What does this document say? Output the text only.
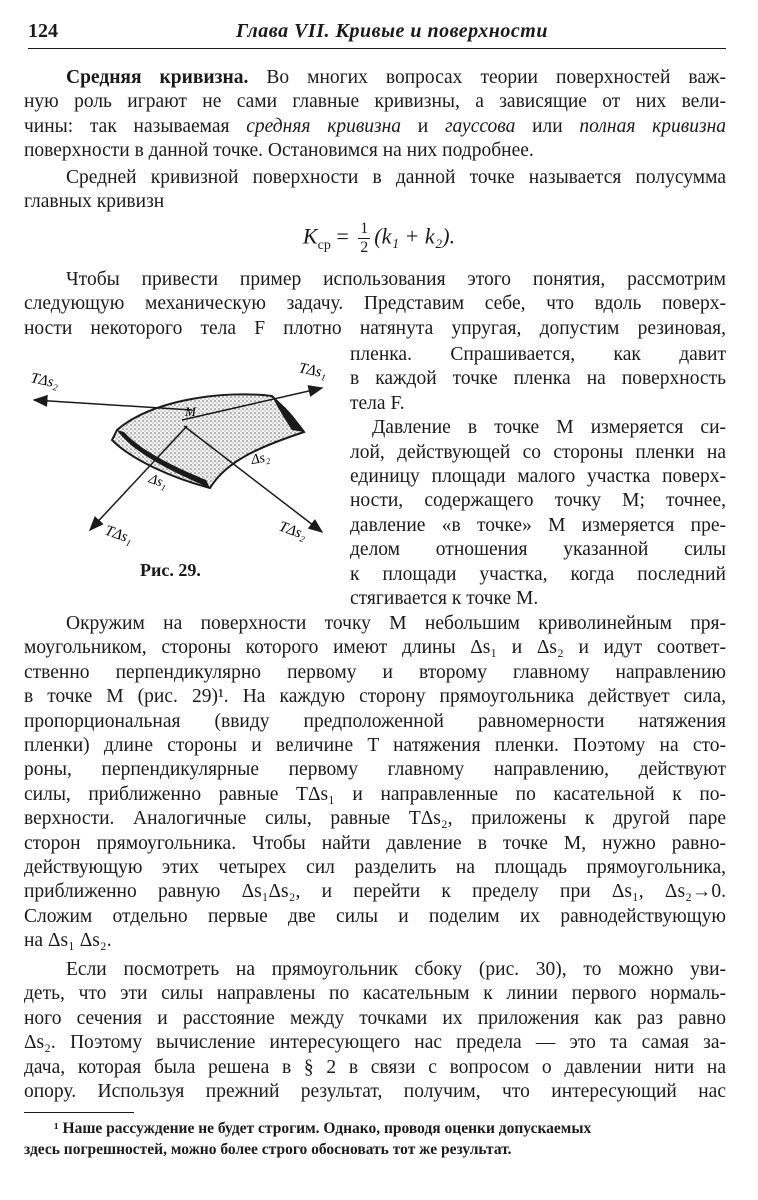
124	Глава VII. Кривые и поверхности
Средняя кривизна. Во многих вопросах теории поверхностей важ-
ную роль играют не сами главные кривизны, а зависящие от них вели-
чины: так называемая средняя кривизна и гауссова или полная кривизна
поверхности в данной точке. Остановимся на них подробнее.
Средней кривизной поверхности в данной точке называется полусумма
главных кривизн
$K_{ср} = \frac{1}{2} (k_1 + k_2)$.
Чтобы привести пример использования этого понятия, рассмотрим
следующую механическую задачу. Представим себе, что вдоль поверх-
ности некоторого тела F плотно натянута упругая, допустим резиновая,
пленка. Спрашивается, как давит
в каждой точке пленка на поверхность
тела F.
Давление в точке M измеряется си-
лой, действующей со стороны пленки на
единицу площади малого участка поверх-
ности, содержащего точку M; точнее,
давление «в точке» M измеряется пре-
делом отношения указанной силы
к площади участка, когда последний
стягивается к точке M.
M
Δs₂
Δs₁
TΔs₂	TΔs₁
TΔs₁	TΔs₂
Рис. 29.
Окружим на поверхности точку M небольшим криволинейным пря-
моугольником, стороны которого имеют длины Δs₁ и Δs₂ и идут соответ-
ственно перпендикулярно первому и второму главному направлению
в точке M (рис. 29)¹. На каждую сторону прямоугольника действует сила,
пропорциональная (ввиду предположенной равномерности натяжения
пленки) длине стороны и величине T натяжения пленки. Поэтому на сто-
роны, перпендикулярные первому главному направлению, действуют
силы, приближенно равные TΔs₁ и направленные по касательной к по-
верхности. Аналогичные силы, равные TΔs₂, приложены к другой паре
сторон прямоугольника. Чтобы найти давление в точке M, нужно равно-
действующую этих четырех сил разделить на площадь прямоугольника,
приближенно равную Δs₁Δs₂, и перейти к пределу при Δs₁, Δs₂→0.
Сложим отдельно первые две силы и поделим их равнодействующую
на Δs₁ Δs₂.
Если посмотреть на прямоугольник сбоку (рис. 30), то можно уви-
деть, что эти силы направлены по касательным к линии первого нормаль-
ного сечения и расстояние между точками их приложения как раз равно
Δs₂. Поэтому вычисление интересующего нас предела — это та самая за-
дача, которая была решена в § 2 в связи с вопросом о давлении нити на
опору. Используя прежний результат, получим, что интересующий нас
¹ Наше рассуждение не будет строгим. Однако, проводя оценки допускаемых
здесь погрешностей, можно более строго обосновать тот же результат.
